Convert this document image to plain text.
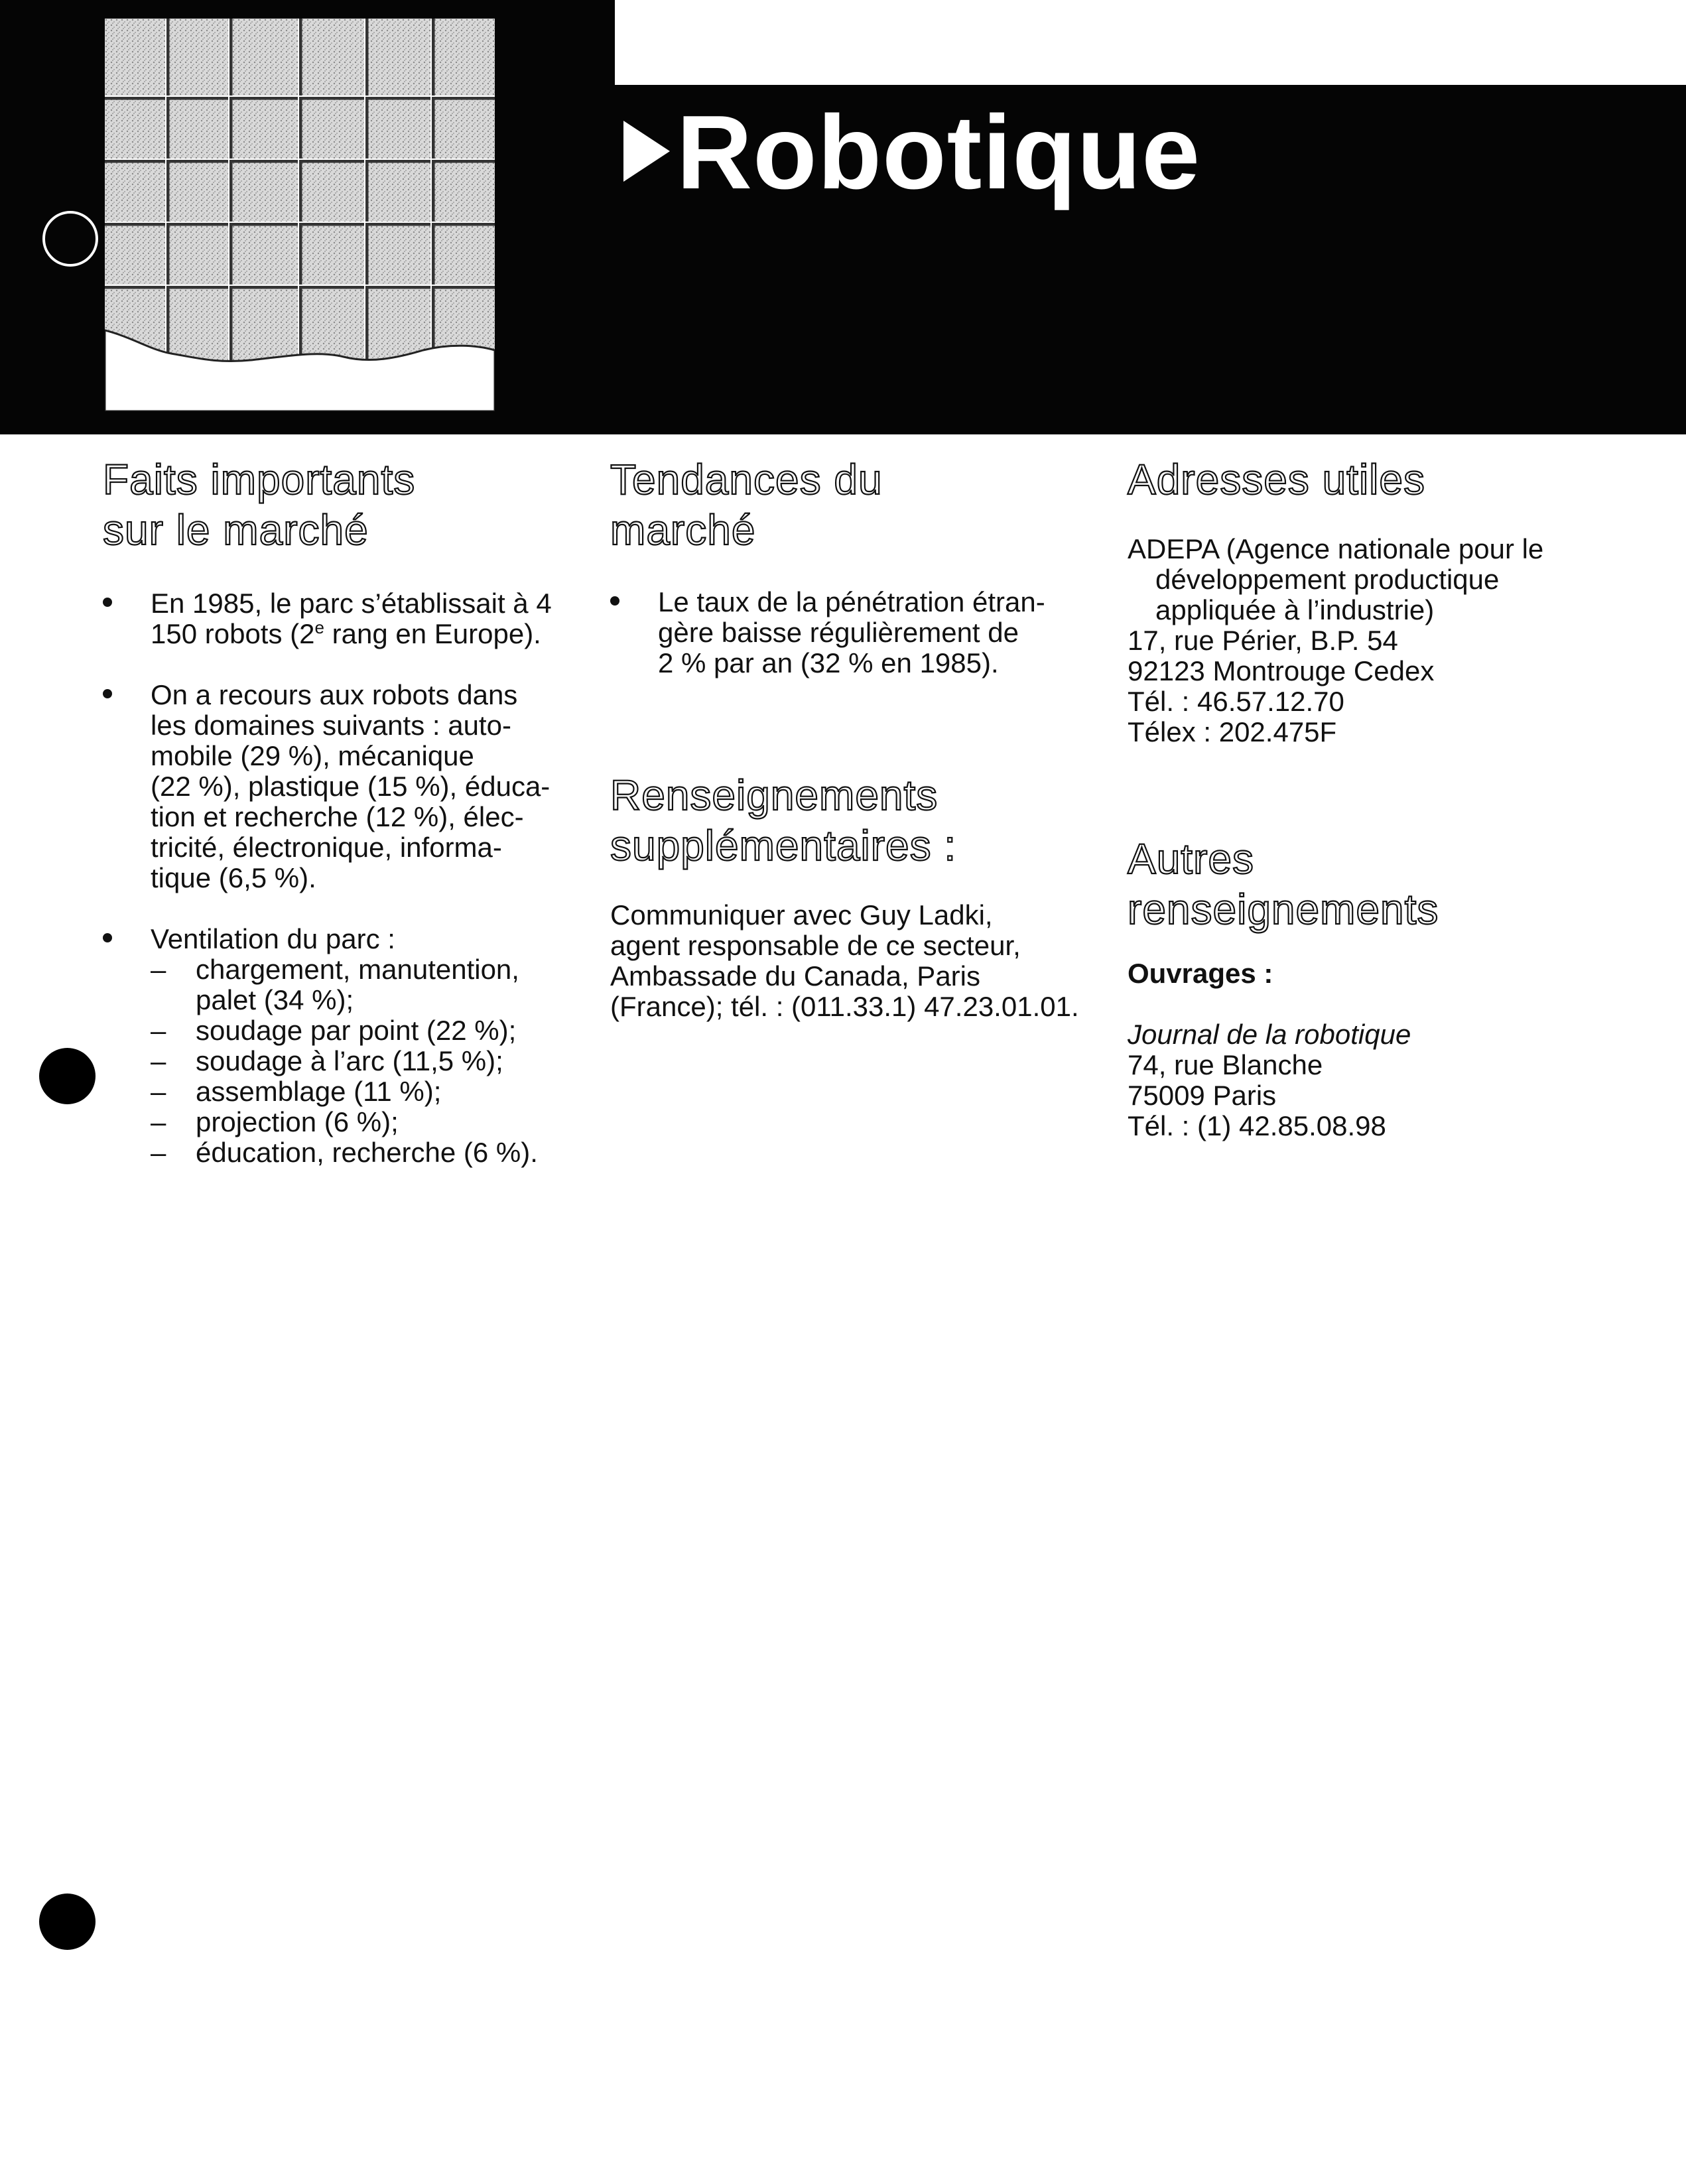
Robotique
Faits importants
sur le marché
En 1985, le parc s’établissait à 4 150 robots (2e rang en Europe).
On a recours aux robots dans
les domaines suivants : auto-
mobile (29 %), mécanique
(22 %), plastique (15 %), éduca-
tion et recherche (12 %), élec-
tricité, électronique, informa-
tique (6,5 %).
Ventilation du parc :
– chargement, manutention, palet (34 %);
– soudage par point (22 %);
– soudage à l’arc (11,5 %);
– assemblage (11 %);
– projection (6 %);
– éducation, recherche (6 %).
Tendances du
marché
Le taux de la pénétration étran-
gère baisse régulièrement de
2 % par an (32 % en 1985).
Renseignements
supplémentaires :
Communiquer avec Guy Ladki,
agent responsable de ce secteur,
Ambassade du Canada, Paris
(France); tél. : (011.33.1) 47.23.01.01.
Adresses utiles
ADEPA (Agence nationale pour le
développement productique
appliquée à l’industrie)
17, rue Périer, B.P. 54
92123 Montrouge Cedex
Tél. : 46.57.12.70
Télex : 202.475F
Autres
renseignements
Ouvrages :
Journal de la robotique
74, rue Blanche
75009 Paris
Tél. : (1) 42.85.08.98
